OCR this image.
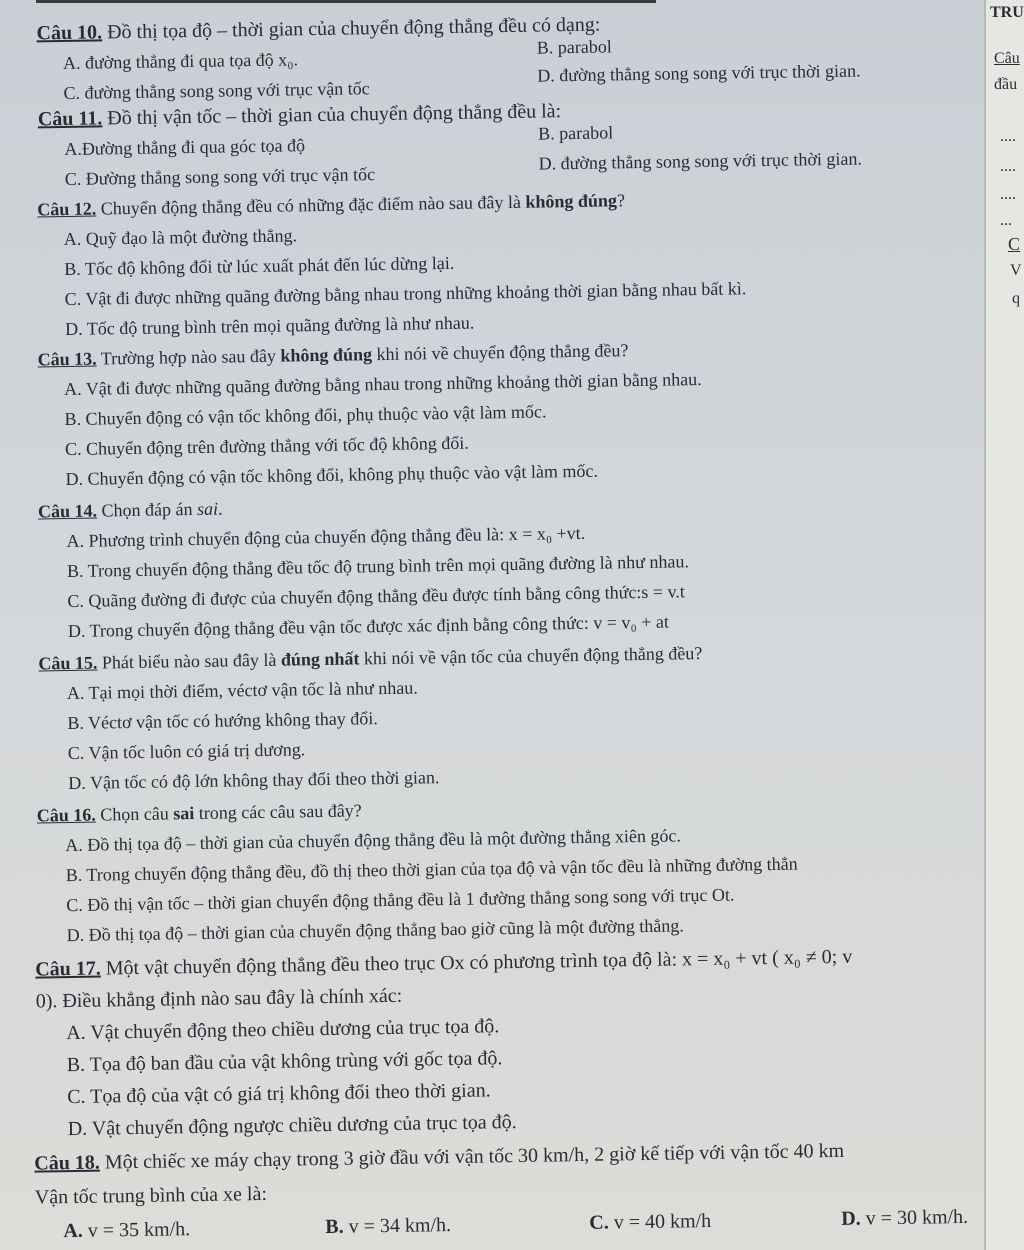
TRU
Câu
đầu
....
....
....
...
C
V
q
Câu 10. Đồ thị tọa độ – thời gian của chuyển động thẳng đều có dạng:
A. đường thẳng đi qua tọa độ x₀.
B. parabol
C. đường thẳng song song với trục vận tốc
D. đường thẳng song song với trục thời gian.
Câu 11. Đồ thị vận tốc – thời gian của chuyển động thẳng đều là:
A.Đường thẳng đi qua góc tọa độ
B. parabol
C. Đường thẳng song song với trục vận tốc
D. đường thẳng song song với trục thời gian.
Câu 12. Chuyển động thẳng đều có những đặc điểm nào sau đây là không đúng?
A. Quỹ đạo là một đường thẳng.
B. Tốc độ không đổi từ lúc xuất phát đến lúc dừng lại.
C. Vật đi được những quãng đường bằng nhau trong những khoảng thời gian bằng nhau bất kì.
D. Tốc độ trung bình trên mọi quãng đường là như nhau.
Câu 13. Trường hợp nào sau đây không đúng khi nói về chuyển động thẳng đều?
A. Vật đi được những quãng đường bằng nhau trong những khoảng thời gian bằng nhau.
B. Chuyển động có vận tốc không đổi, phụ thuộc vào vật làm mốc.
C. Chuyển động trên đường thẳng với tốc độ không đổi.
D. Chuyển động có vận tốc không đổi, không phụ thuộc vào vật làm mốc.
Câu 14. Chọn đáp án sai.
A. Phương trình chuyển động của chuyển động thẳng đều là: x = x₀ +vt.
B. Trong chuyển động thẳng đều tốc độ trung bình trên mọi quãng đường là như nhau.
C. Quãng đường đi được của chuyển động thẳng đều được tính bằng công thức:s = v.t
D. Trong chuyển động thẳng đều vận tốc được xác định bằng công thức: v = v₀ + at
Câu 15. Phát biểu nào sau đây là đúng nhất khi nói về vận tốc của chuyển động thẳng đều?
A. Tại mọi thời điểm, véctơ vận tốc là như nhau.
B. Véctơ vận tốc có hướng không thay đổi.
C. Vận tốc luôn có giá trị dương.
D. Vận tốc có độ lớn không thay đổi theo thời gian.
Câu 16. Chọn câu sai trong các câu sau đây?
A. Đồ thị tọa độ – thời gian của chuyển động thẳng đều là một đường thẳng xiên góc.
B. Trong chuyển động thẳng đều, đồ thị theo thời gian của tọa độ và vận tốc đều là những đường thẳn
C. Đồ thị vận tốc – thời gian chuyển động thẳng đều là 1 đường thẳng song song với trục Ot.
D. Đồ thị tọa độ – thời gian của chuyển động thẳng bao giờ cũng là một đường thẳng.
Câu 17. Một vật chuyển động thẳng đều theo trục Ox có phương trình tọa độ là: x = x₀ + vt ( x₀ ≠ 0; v
0). Điều khẳng định nào sau đây là chính xác:
A. Vật chuyển động theo chiều dương của trục tọa độ.
B. Tọa độ ban đầu của vật không trùng với gốc tọa độ.
C. Tọa độ của vật có giá trị không đổi theo thời gian.
D. Vật chuyển động ngược chiều dương của trục tọa độ.
Câu 18. Một chiếc xe máy chạy trong 3 giờ đầu với vận tốc 30 km/h, 2 giờ kế tiếp với vận tốc 40 km
Vận tốc trung bình của xe là:
A. v = 35 km/h.	B. v = 34 km/h.	C. v = 40 km/h	D. v = 30 km/h.
